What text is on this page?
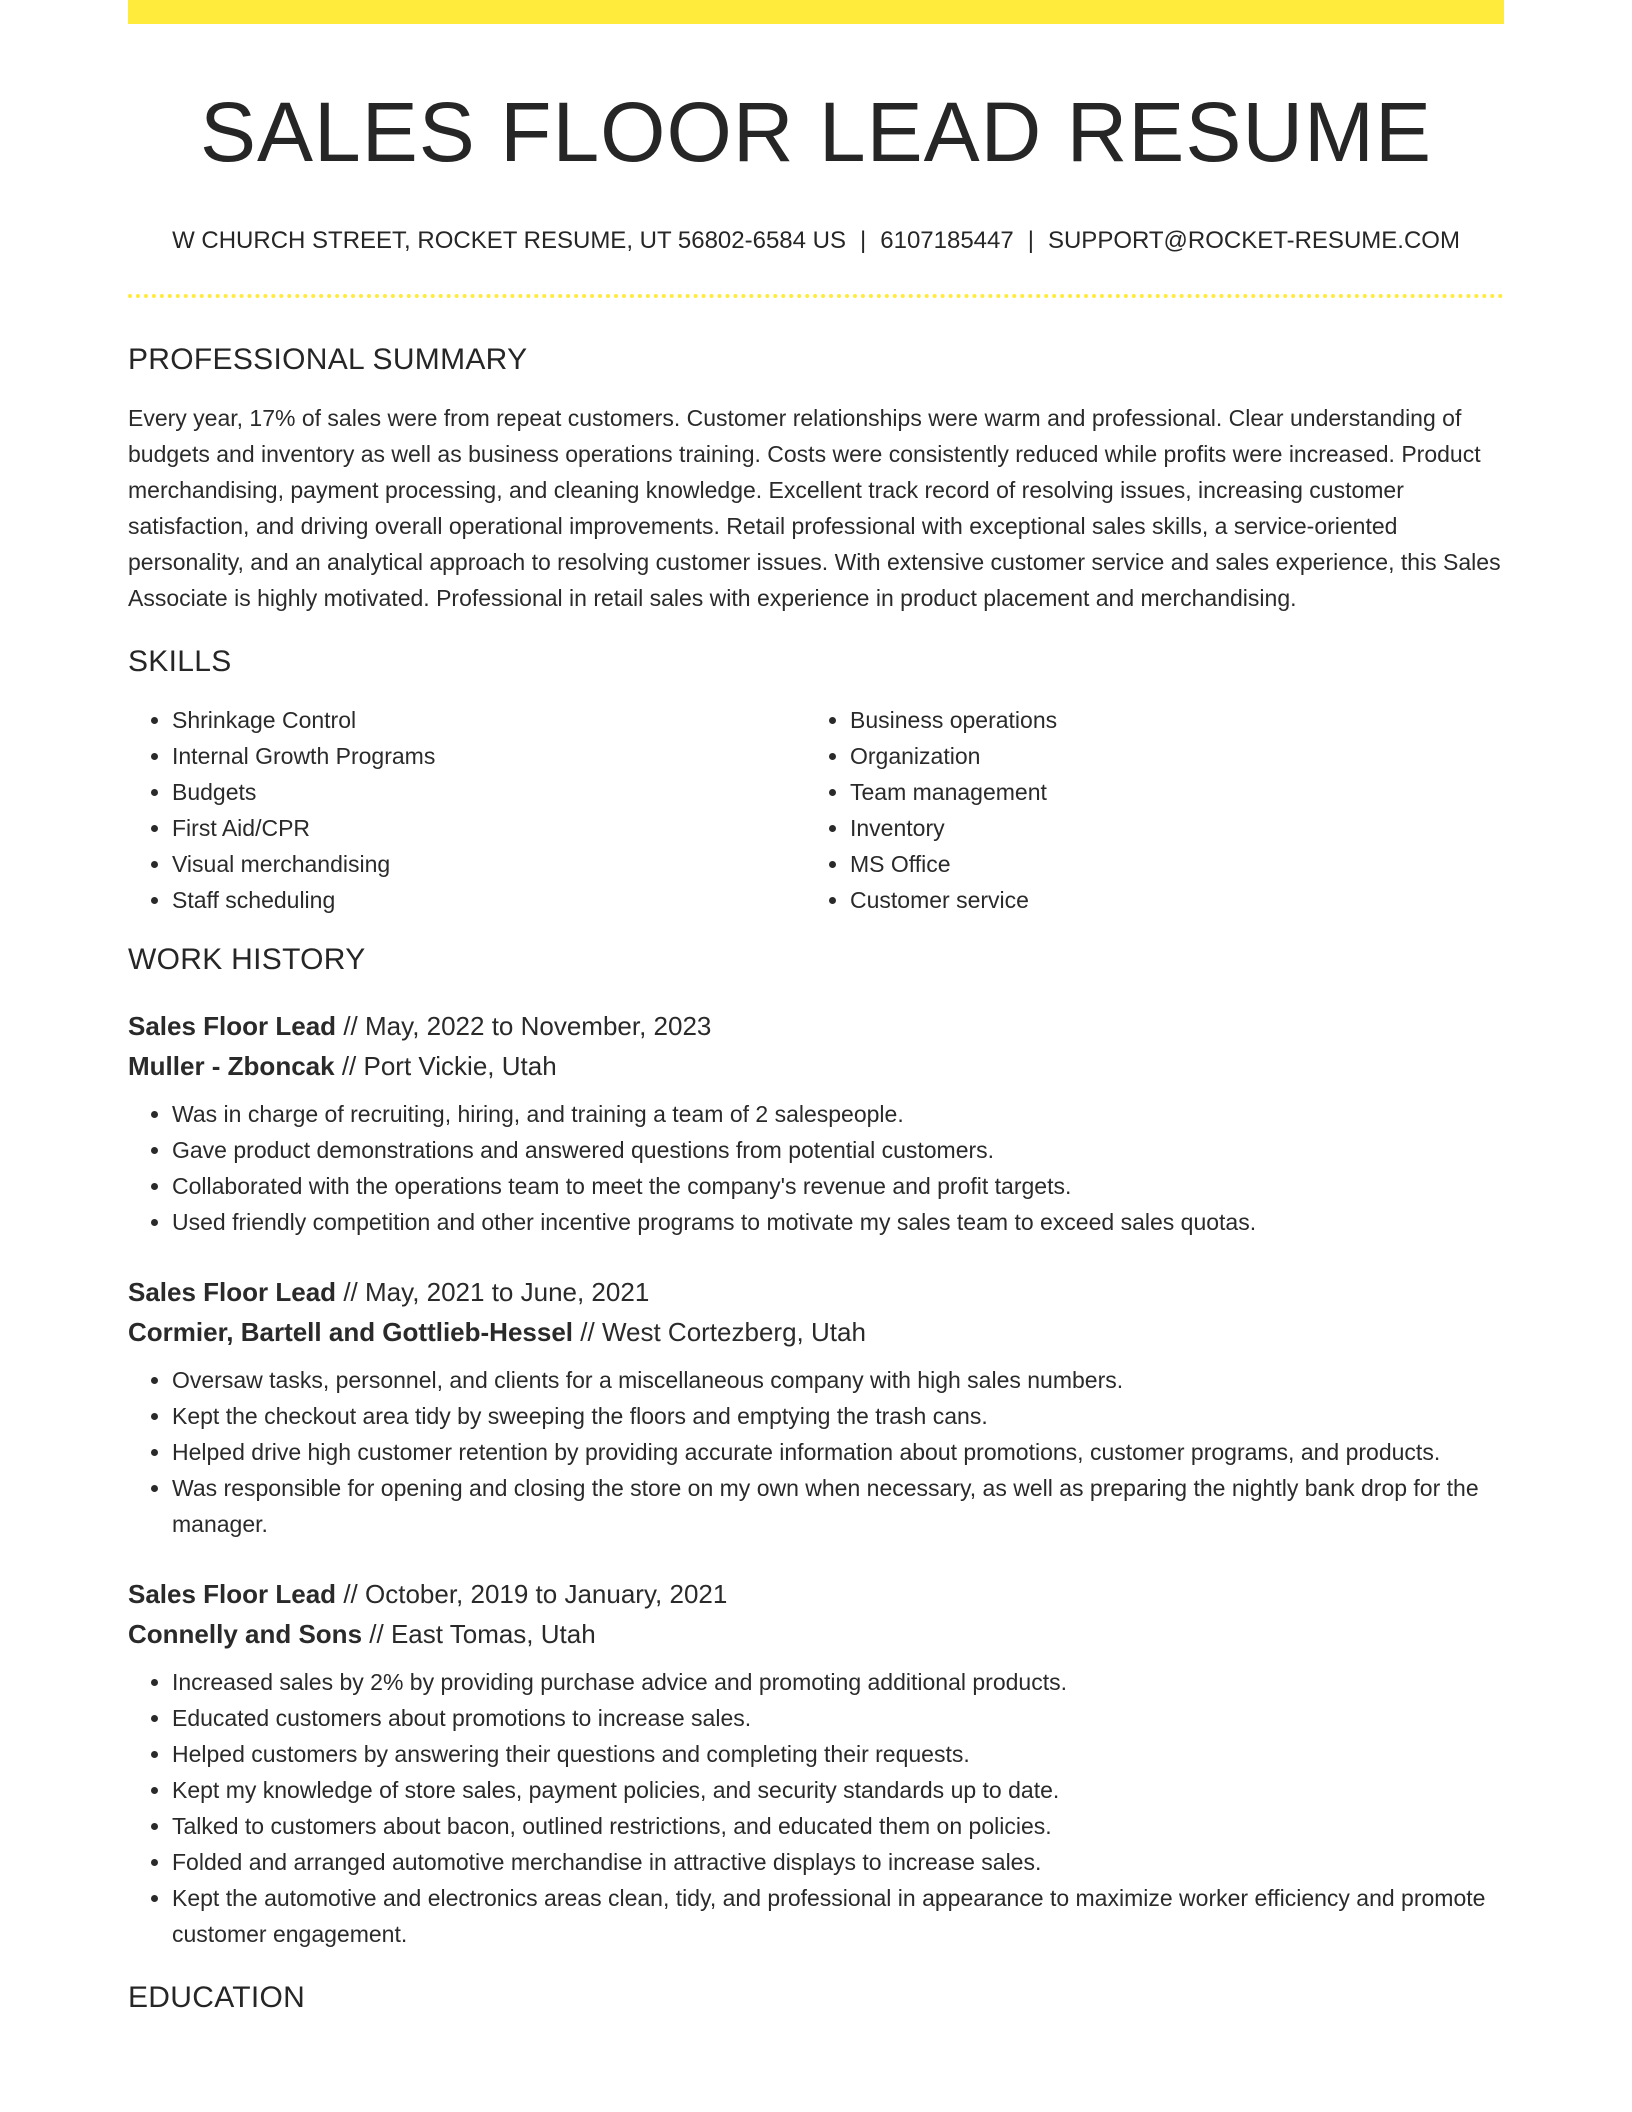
SALES FLOOR LEAD RESUME
W CHURCH STREET, ROCKET RESUME, UT 56802-6584 US | 6107185447 | SUPPORT@ROCKET-RESUME.COM
PROFESSIONAL SUMMARY

Every year, 17% of sales were from repeat customers. Customer relationships were warm and professional. Clear understanding of budgets and inventory as well as business operations training. Costs were consistently reduced while profits were increased. Product merchandising, payment processing, and cleaning knowledge. Excellent track record of resolving issues, increasing customer satisfaction, and driving overall operational improvements. Retail professional with exceptional sales skills, a service-oriented personality, and an analytical approach to resolving customer issues. With extensive customer service and sales experience, this Sales Associate is highly motivated. Professional in retail sales with experience in product placement and merchandising.

SKILLS
• Shrinkage Control
• Internal Growth Programs
• Budgets
• First Aid/CPR
• Visual merchandising
• Staff scheduling
• Business operations
• Organization
• Team management
• Inventory
• MS Office
• Customer service
WORK HISTORY
Sales Floor Lead // May, 2022 to November, 2023
Muller - Zboncak // Port Vickie, Utah
• Was in charge of recruiting, hiring, and training a team of 2 salespeople.
• Gave product demonstrations and answered questions from potential customers.
• Collaborated with the operations team to meet the company's revenue and profit targets.
• Used friendly competition and other incentive programs to motivate my sales team to exceed sales quotas.
Sales Floor Lead // May, 2021 to June, 2021
Cormier, Bartell and Gottlieb-Hessel // West Cortezberg, Utah
• Oversaw tasks, personnel, and clients for a miscellaneous company with high sales numbers.
• Kept the checkout area tidy by sweeping the floors and emptying the trash cans.
• Helped drive high customer retention by providing accurate information about promotions, customer programs, and products.
• Was responsible for opening and closing the store on my own when necessary, as well as preparing the nightly bank drop for the manager.
Sales Floor Lead // October, 2019 to January, 2021
Connelly and Sons // East Tomas, Utah
• Increased sales by 2% by providing purchase advice and promoting additional products.
• Educated customers about promotions to increase sales.
• Helped customers by answering their questions and completing their requests.
• Kept my knowledge of store sales, payment policies, and security standards up to date.
• Talked to customers about bacon, outlined restrictions, and educated them on policies.
• Folded and arranged automotive merchandise in attractive displays to increase sales.
• Kept the automotive and electronics areas clean, tidy, and professional in appearance to maximize worker efficiency and promote customer engagement.
EDUCATION
